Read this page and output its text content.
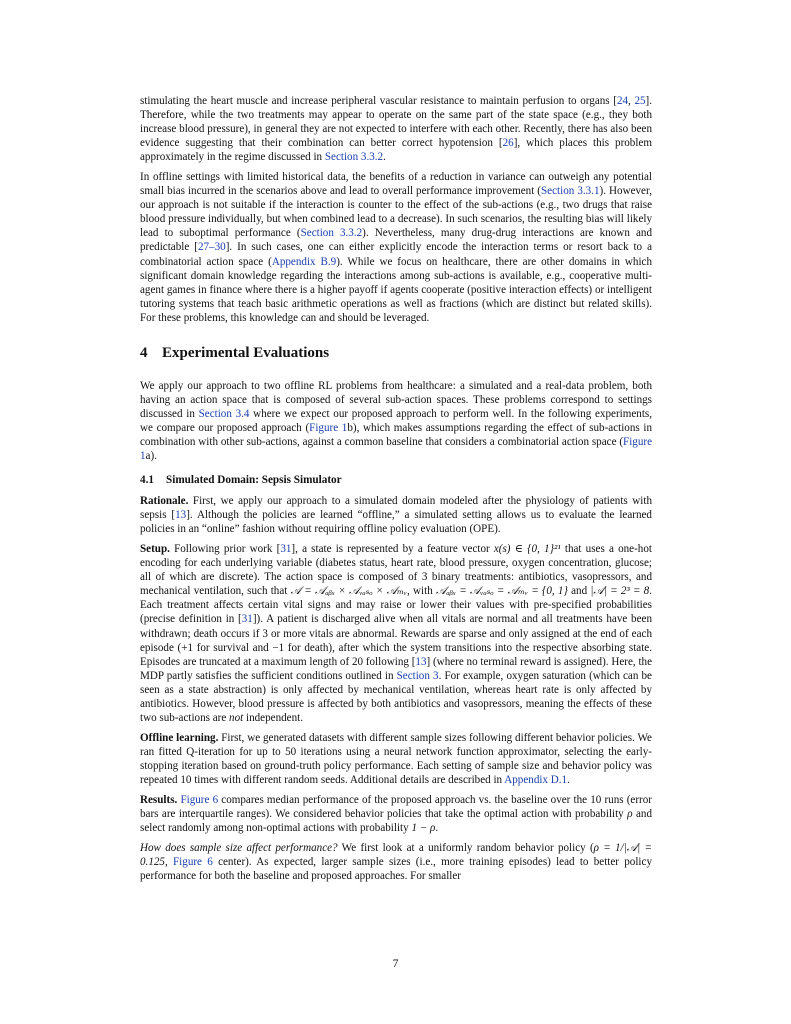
stimulating the heart muscle and increase peripheral vascular resistance to maintain perfusion to organs [24, 25]. Therefore, while the two treatments may appear to operate on the same part of the state space (e.g., they both increase blood pressure), in general they are not expected to interfere with each other. Recently, there has also been evidence suggesting that their combination can better correct hypotension [26], which places this problem approximately in the regime discussed in Section 3.3.2.

In offline settings with limited historical data, the benefits of a reduction in variance can outweigh any potential small bias incurred in the scenarios above and lead to overall performance improvement (Section 3.3.1). However, our approach is not suitable if the interaction is counter to the effect of the sub-actions (e.g., two drugs that raise blood pressure individually, but when combined lead to a decrease). In such scenarios, the resulting bias will likely lead to suboptimal performance (Section 3.3.2). Nevertheless, many drug-drug interactions are known and predictable [27–30]. In such cases, one can either explicitly encode the interaction terms or resort back to a combinatorial action space (Appendix B.9). While we focus on healthcare, there are other domains in which significant domain knowledge regarding the interactions among sub-actions is available, e.g., cooperative multi-agent games in finance where there is a higher payoff if agents cooperate (positive interaction effects) or intelligent tutoring systems that teach basic arithmetic operations as well as fractions (which are distinct but related skills). For these problems, this knowledge can and should be leveraged.

4 Experimental Evaluations

We apply our approach to two offline RL problems from healthcare: a simulated and a real-data problem, both having an action space that is composed of several sub-action spaces. These problems correspond to settings discussed in Section 3.4 where we expect our proposed approach to perform well. In the following experiments, we compare our proposed approach (Figure 1b), which makes assumptions regarding the effect of sub-actions in combination with other sub-actions, against a common baseline that considers a combinatorial action space (Figure 1a).

4.1 Simulated Domain: Sepsis Simulator

Rationale. First, we apply our approach to a simulated domain modeled after the physiology of patients with sepsis [13]. Although the policies are learned “offline,” a simulated setting allows us to evaluate the learned policies in an “online” fashion without requiring offline policy evaluation (OPE).

Setup. Following prior work [31], a state is represented by a feature vector x(s) ∈ {0, 1}²¹ that uses a one-hot encoding for each underlying variable (diabetes status, heart rate, blood pressure, oxygen concentration, glucose; all of which are discrete). The action space is composed of 3 binary treatments: antibiotics, vasopressors, and mechanical ventilation, such that 𝒜 = 𝒜ₐᵦₓ × 𝒜ᵥₐₛₒ × 𝒜ₘᵥ, with 𝒜ₐᵦₓ = 𝒜ᵥₐₛₒ = 𝒜ₘᵥ = {0, 1} and |𝒜| = 2³ = 8. Each treatment affects certain vital signs and may raise or lower their values with pre-specified probabilities (precise definition in [31]). A patient is discharged alive when all vitals are normal and all treatments have been withdrawn; death occurs if 3 or more vitals are abnormal. Rewards are sparse and only assigned at the end of each episode (+1 for survival and −1 for death), after which the system transitions into the respective absorbing state. Episodes are truncated at a maximum length of 20 following [13] (where no terminal reward is assigned). Here, the MDP partly satisfies the sufficient conditions outlined in Section 3. For example, oxygen saturation (which can be seen as a state abstraction) is only affected by mechanical ventilation, whereas heart rate is only affected by antibiotics. However, blood pressure is affected by both antibiotics and vasopressors, meaning the effects of these two sub-actions are not independent.

Offline learning. First, we generated datasets with different sample sizes following different behavior policies. We ran fitted Q-iteration for up to 50 iterations using a neural network function approximator, selecting the early-stopping iteration based on ground-truth policy performance. Each setting of sample size and behavior policy was repeated 10 times with different random seeds. Additional details are described in Appendix D.1.

Results. Figure 6 compares median performance of the proposed approach vs. the baseline over the 10 runs (error bars are interquartile ranges). We considered behavior policies that take the optimal action with probability ρ and select randomly among non-optimal actions with probability 1 − ρ.

How does sample size affect performance? We first look at a uniformly random behavior policy (ρ = 1/|𝒜| = 0.125, Figure 6 center). As expected, larger sample sizes (i.e., more training episodes) lead to better policy performance for both the baseline and proposed approaches. For smaller

7
